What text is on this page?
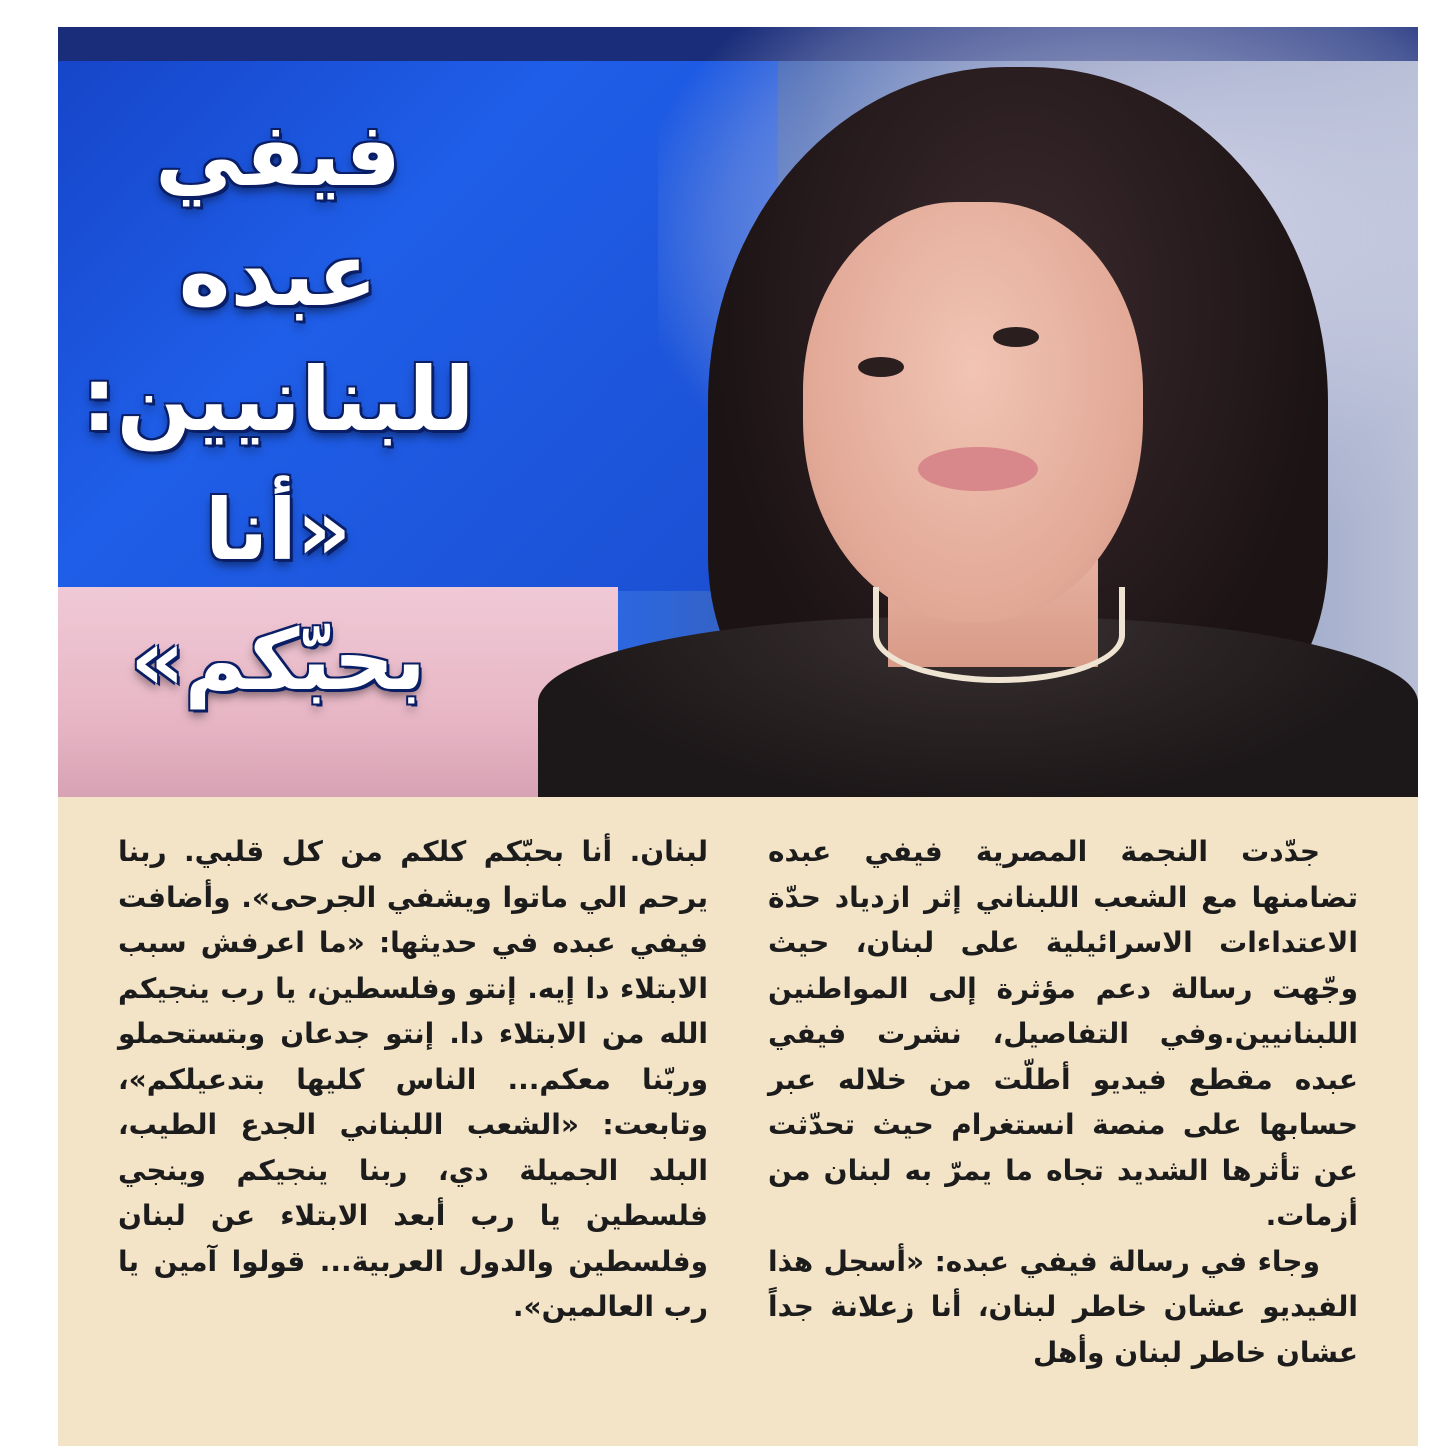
فيفي عبده
للبنانيين:
«أنا بحبّكم»

جدّدت النجمة المصرية فيفي عبده تضامنها مع الشعب اللبناني إثر ازدياد حدّة الاعتداءات الاسرائيلية على لبنان، حيث وجّهت رسالة دعم مؤثرة إلى المواطنين اللبنانيين.وفي التفاصيل، نشرت فيفي عبده مقطع فيديو أطلّت من خلاله عبر حسابها على منصة انستغرام حيث تحدّثت عن تأثرها الشديد تجاه ما يمرّ به لبنان من أزمات.

وجاء في رسالة فيفي عبده: «أسجل هذا الفيديو عشان خاطر لبنان، أنا زعلانة جداً عشان خاطر لبنان وأهل

لبنان. أنا بحبّكم كلكم من كل قلبي. ربنا يرحم الي ماتوا ويشفي الجرحى». وأضافت فيفي عبده في حديثها: «ما اعرفش سبب الابتلاء دا إيه. إنتو وفلسطين، يا رب ينجيكم الله من الابتلاء دا. إنتو جدعان وبتستحملو وربّنا معكم... الناس كليها بتدعيلكم»، وتابعت: «الشعب اللبناني الجدع الطيب، البلد الجميلة دي، ربنا ينجيكم وينجي فلسطين يا رب أبعد الابتلاء عن لبنان وفلسطين والدول العربية... قولوا آمين يا رب العالمين».
